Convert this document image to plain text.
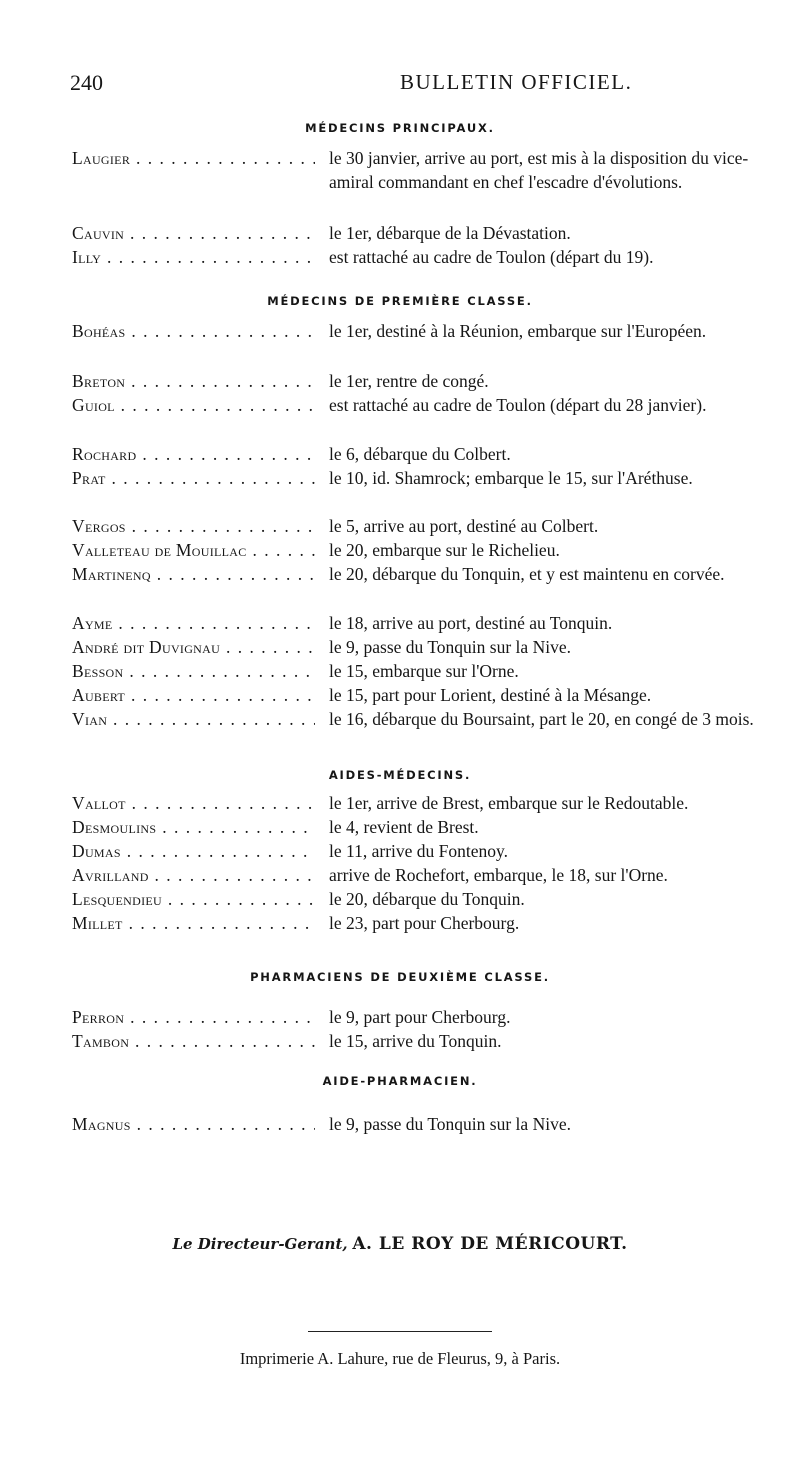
240	BULLETIN OFFICIEL.
MÉDECINS PRINCIPAUX.
Laugier . . .	le 30 janvier, arrive au port, est mis à la disposition du vice-amiral commandant en chef l'escadre d'évolutions.
Cauvin . . .	le 1er, débarque de la Dévastation.
Illy . . .	est rattaché au cadre de Toulon (départ du 19).
MÉDECINS DE PREMIÈRE CLASSE.
Bohéas . . .	le 1er, destiné à la Réunion, embarque sur l'Européen.
Breton . . .	le 1er, rentre de congé.
Guiol . . .	est rattaché au cadre de Toulon (départ du 28 janvier).
Rochard . . .	le 6, débarque du Colbert.
Prat . . .	le 10, id. Shamrock; embarque le 15, sur l'Aréthuse.
Vergos . . .	le 5, arrive au port, destiné au Colbert.
Valleteau de Mouillac . . .	le 20, embarque sur le Richelieu.
Martinenq . . .	le 20, débarque du Tonquin, et y est maintenu en corvée.
Ayme . . .	le 18, arrive au port, destiné au Tonquin.
André dit Duvignau . . .	le 9, passe du Tonquin sur la Nive.
Besson . . .	le 15, embarque sur l'Orne.
Aubert . . .	le 15, part pour Lorient, destiné à la Mésange.
Vian . . .	le 16, débarque du Boursaint, part le 20, en congé de 3 mois.
AIDES-MÉDECINS.
Vallot . . .	le 1er, arrive de Brest, embarque sur le Redoutable.
Desmoulins . . .	le 4, revient de Brest.
Dumas . . .	le 11, arrive du Fontenoy.
Avrilland . . .	arrive de Rochefort, embarque, le 18, sur l'Orne.
Lesquendieu . . .	le 20, débarque du Tonquin.
Millet . . .	le 23, part pour Cherbourg.
PHARMACIENS DE DEUXIÈME CLASSE.
Perron . . .	le 9, part pour Cherbourg.
Tambon . . .	le 15, arrive du Tonquin.
AIDE-PHARMACIEN.
Magnus . . .	le 9, passe du Tonquin sur la Nive.
Le Directeur-Gerant, A. LE ROY DE MÉRICOURT.
Imprimerie A. Lahure, rue de Fleurus, 9, à Paris.
